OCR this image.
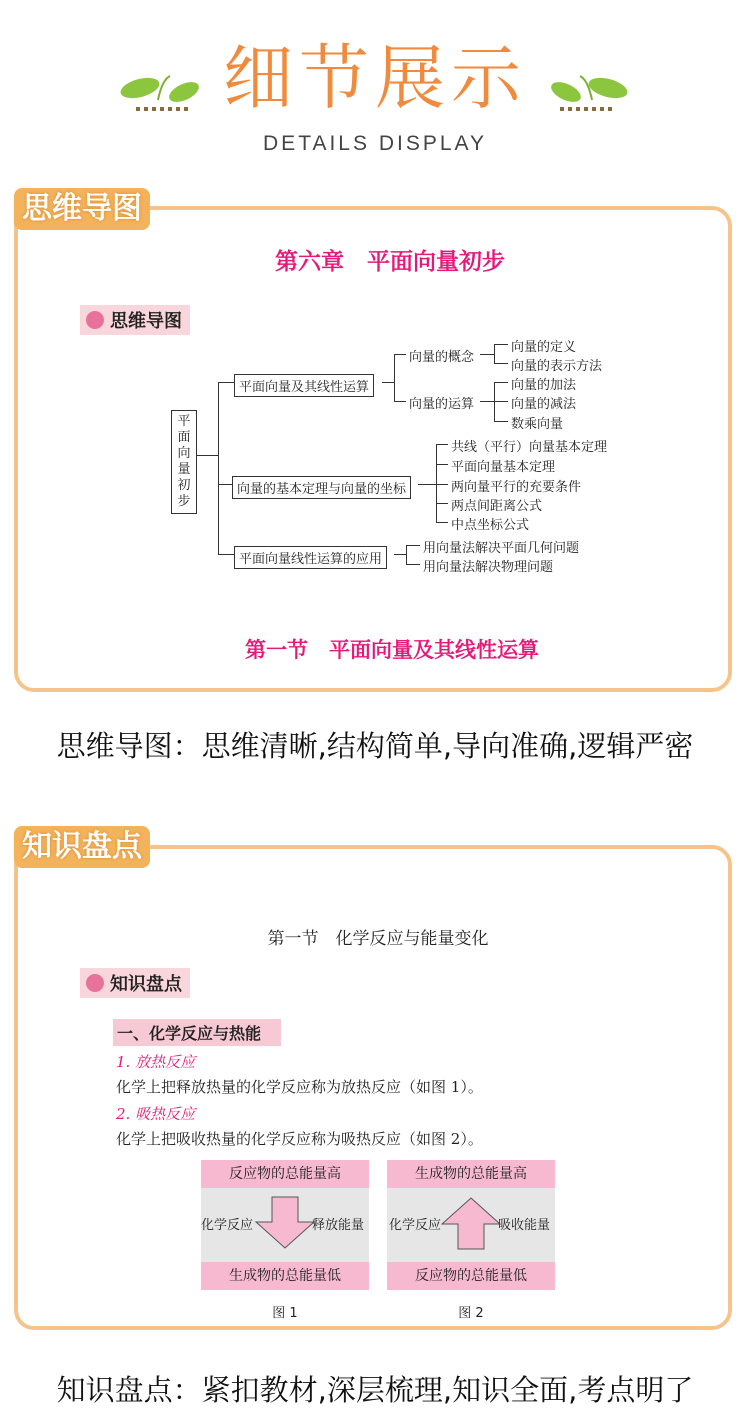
细节展示
DETAILS DISPLAY
思维导图
第六章　平面向量初步
思维导图
平面向量初步
平面向量及其线性运算
向量的概念
向量的定义
向量的表示方法
向量的运算
向量的加法
向量的减法
数乘向量
向量的基本定理与向量的坐标
共线（平行）向量基本定理
平面向量基本定理
两向量平行的充要条件
两点间距离公式
中点坐标公式
平面向量线性运算的应用
用向量法解决平面几何问题
用向量法解决物理问题
第一节　平面向量及其线性运算
思维导图：思维清晰,结构简单,导向准确,逻辑严密
知识盘点
第一节　化学反应与能量变化
知识盘点
一、化学反应与热能
1. 放热反应
化学上把释放热量的化学反应称为放热反应（如图 1）。
2. 吸热反应
化学上把吸收热量的化学反应称为吸热反应（如图 2）。
反应物的总能量高
生成物的总能量低
化学反应	释放能量
图 1
生成物的总能量高
反应物的总能量低
化学反应	吸收能量
图 2
知识盘点：紧扣教材,深层梳理,知识全面,考点明了
